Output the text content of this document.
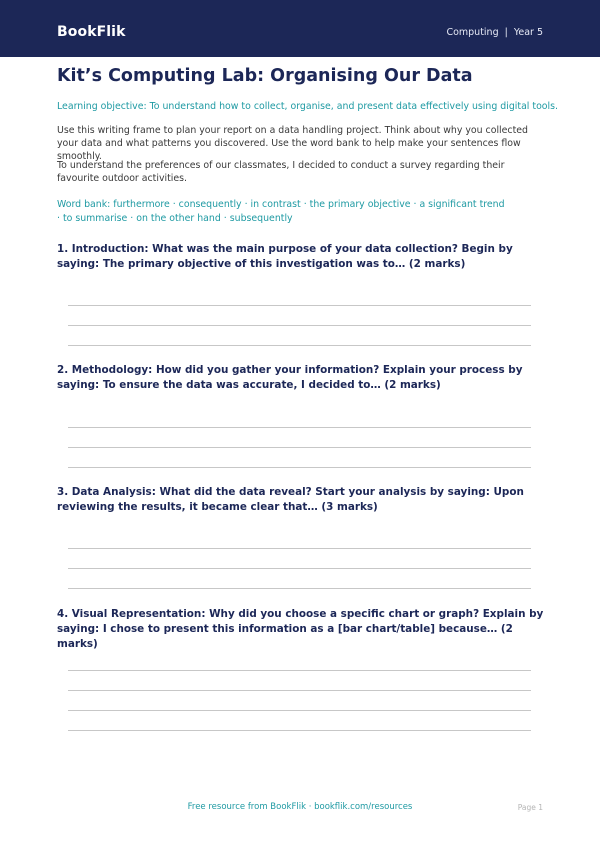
BookFlik	Computing | Year 5
Kit’s Computing Lab: Organising Our Data
Learning objective: To understand how to collect, organise, and present data effectively using digital tools.
Use this writing frame to plan your report on a data handling project. Think about why you collected your data and what patterns you discovered. Use the word bank to help make your sentences flow smoothly.
To understand the preferences of our classmates, I decided to conduct a survey regarding their favourite outdoor activities.
Word bank: furthermore · consequently · in contrast · the primary objective · a significant trend · to summarise · on the other hand · subsequently
1. Introduction: What was the main purpose of your data collection? Begin by saying: The primary objective of this investigation was to… (2 marks)
2. Methodology: How did you gather your information? Explain your process by saying: To ensure the data was accurate, I decided to… (2 marks)
3. Data Analysis: What did the data reveal? Start your analysis by saying: Upon reviewing the results, it became clear that… (3 marks)
4. Visual Representation: Why did you choose a specific chart or graph? Explain by saying: I chose to present this information as a [bar chart/table] because… (2 marks)
Free resource from BookFlik · bookflik.com/resources	Page 1
